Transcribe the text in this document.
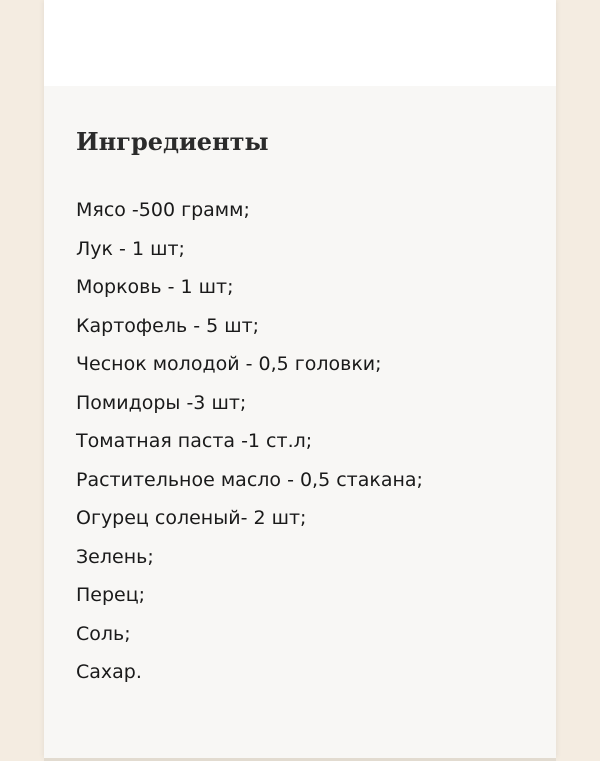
Ингредиенты
Мясо -500 грамм;
Лук - 1 шт;
Морковь - 1 шт;
Картофель - 5 шт;
Чеснок молодой - 0,5 головки;
Помидоры -3 шт;
Томатная паста -1 ст.л;
Растительное масло - 0,5 стакана;
Огурец соленый- 2 шт;
Зелень;
Перец;
Соль;
Сахар.
